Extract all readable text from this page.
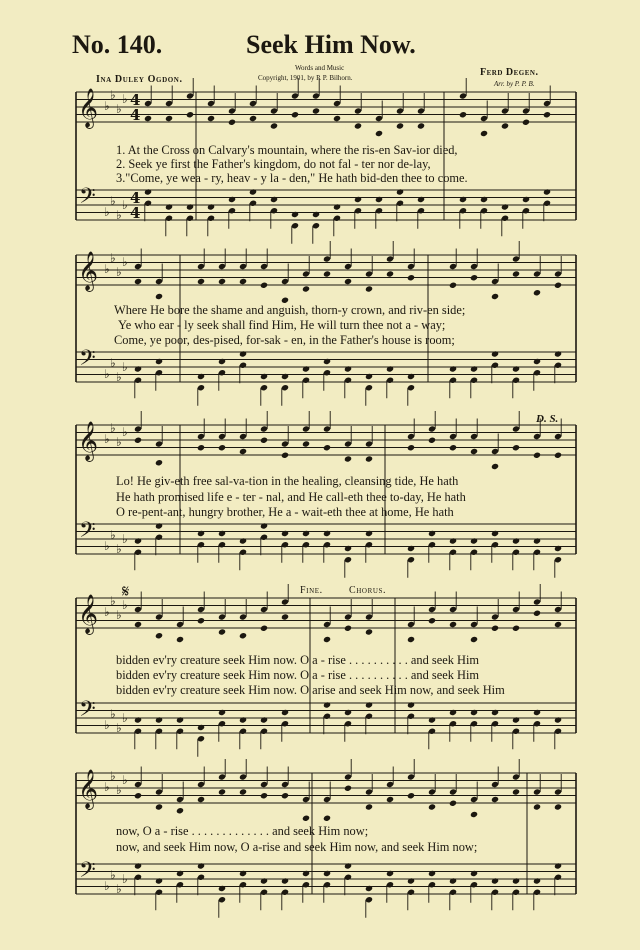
𝄞
𝄢
♭
♭
♭
♭
♭
♭
♭
♭
4
4
4
4
𝄞
𝄢
♭
♭
♭
♭
♭
♭
♭
♭
𝄞
𝄢
♭
♭
♭
♭
♭
♭
♭
♭
𝄞
𝄢
♭
♭
♭
♭
♭
♭
♭
♭
𝄞
𝄢
♭
♭
♭
♭
♭
♭
♭
♭
No. 140.	Seek Him Now.
Ina Duley Ogdon.
Words and Music
Copyright, 1901, by P. P. Bilhorn.	Ferd Degen.
Arr. by P. P. B.
D. S.
Fine.	Chorus.
𝄋
1. At the Cross on Calvary's mountain, where the ris-en Sav-ior died,
2. Seek ye first the Father's kingdom, do not fal - ter nor de-lay,
3."Come, ye wea - ry, heav - y la - den," He hath bid-den thee to come.
Where He bore the shame and anguish, thorn-y crown, and riv-en side;
Ye who ear - ly seek shall find Him, He will turn thee not a - way;
Come, ye poor, des-pised, for-sak - en, in the Father's house is room;
Lo! He giv-eth free sal-va-tion in the healing, cleansing tide, He hath
He hath promised life e - ter - nal, and He call-eth thee to-day, He hath
O re-pent-ant, hungry brother, He a - wait-eth thee at home, He hath
bidden ev'ry creature seek Him now. O a - rise . . . . . . . . . . and seek Him
bidden ev'ry creature seek Him now. O a - rise . . . . . . . . . . and seek Him
bidden ev'ry creature seek Him now. O arise and seek Him now, and seek Him
now, O a - rise . . . . . . . . . . . . . and seek Him now;
now, and seek Him now, O a-rise and seek Him now, and seek Him now;
